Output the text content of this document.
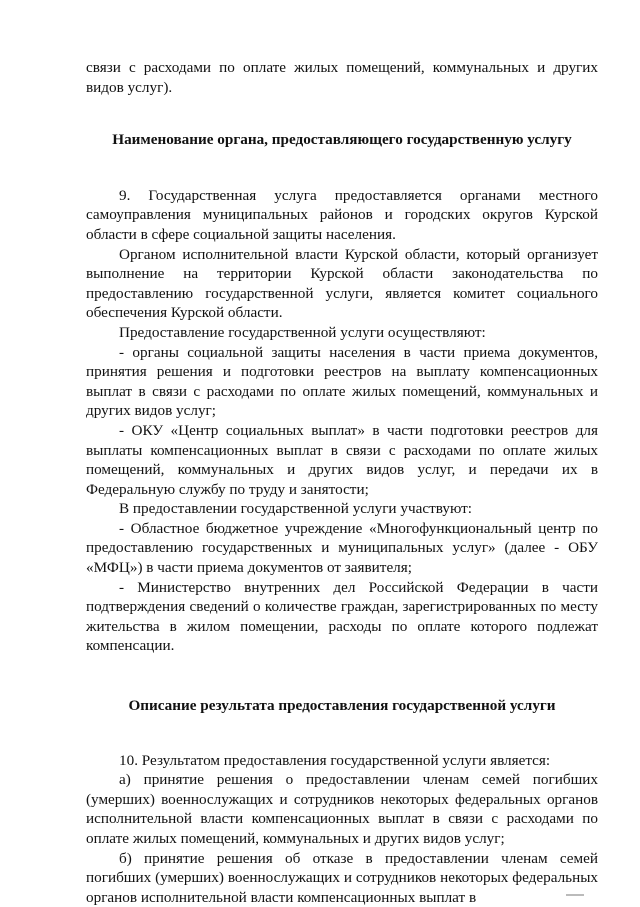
связи с расходами по оплате жилых помещений, коммунальных и других видов услуг).

Наименование органа, предоставляющего государственную услугу

9. Государственная услуга предоставляется органами местного самоуправления муниципальных районов и городских округов Курской области в сфере социальной защиты населения.

Органом исполнительной власти Курской области, который организует выполнение на территории Курской области законодательства по предоставлению государственной услуги, является комитет социального обеспечения Курской области.

Предоставление государственной услуги осуществляют:

- органы социальной защиты населения в части приема документов, принятия решения и подготовки реестров на выплату компенсационных выплат в связи с расходами по оплате жилых помещений, коммунальных и других видов услуг;

- ОКУ «Центр социальных выплат» в части подготовки реестров для выплаты компенсационных выплат в связи с расходами по оплате жилых помещений, коммунальных и других видов услуг, и передачи их в Федеральную службу по труду и занятости;

В предоставлении государственной услуги участвуют:

- Областное бюджетное учреждение «Многофункциональный центр по предоставлению государственных и муниципальных услуг» (далее - ОБУ «МФЦ») в части приема документов от заявителя;

- Министерство внутренних дел Российской Федерации в части подтверждения сведений о количестве граждан, зарегистрированных по месту жительства в жилом помещении, расходы по оплате которого подлежат компенсации.

Описание результата предоставления государственной услуги

10. Результатом предоставления государственной услуги является:

а) принятие решения о предоставлении членам семей погибших (умерших) военнослужащих и сотрудников некоторых федеральных органов исполнительной власти компенсационных выплат в связи с расходами по оплате жилых помещений, коммунальных и других видов услуг;

б) принятие решения об отказе в предоставлении членам семей погибших (умерших) военнослужащих и сотрудников некоторых федеральных органов исполнительной власти компенсационных выплат в
